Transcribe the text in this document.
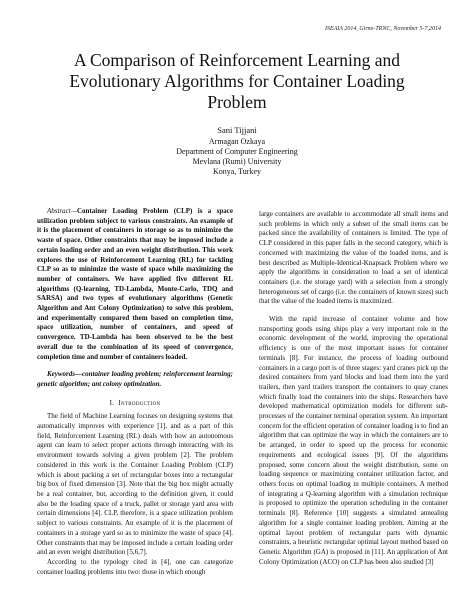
ISEAIA 2014, Girne-TRNC, November 5-7,2014
A Comparison of Reinforcement Learning and Evolutionary Algorithms for Container Loading Problem
Sani Tijjani
Armagan Ozkaya
Department of Computer Engineering
Mevlana (Rumi) University
Konya, Turkey

Abstract—Container Loading Problem (CLP) is a space utilization problem subject to various constraints. An example of it is the placement of containers in storage so as to minimize the waste of space. Other constraints that may be imposed include a certain loading order and an even weight distribution. This work explores the use of Reinforcement Learning (RL) for tackling CLP so as to minimize the waste of space while maximizing the number of containers. We have applied five different RL algorithms (Q-learning, TD-Lambda, Monte-Carlo, TDQ and SARSA) and two types of evolutionary algorithms (Genetic Algorithm and Ant Colony Optimization) to solve this problem, and experimentally compared them based on completion time, space utilization, number of containers, and speed of convergence. TD-Lambda has been observed to be the best overall due to the combination of its speed of convergence, completion time and number of containers loaded.

Keywords—container loading problem; reinforcement learning; genetic algorithm; ant colony optimization.

I. Introduction

The field of Machine Learning focuses on designing systems that automatically improves with experience [1], and as a part of this field, Reinforcement Learning (RL) deals with how an autonomous agent can learn to select proper actions through interacting with its environment towards solving a given problem [2]. The problem considered in this work is the Container Loading Problem (CLP) which is about packing a set of rectangular boxes into a rectangular big box of fixed dimension [3]. Note that the big box might actually be a real container, but, according to the definition given, it could also be the loading space of a truck, pallet or storage yard area with certain dimensions [4]. CLP, therefore, is a space utilization problem subject to various constraints. An example of it is the placement of containers in a storage yard so as to minimize the waste of space [4]. Other constraints that may be imposed include a certain loading order and an even weight distribution [5,6,7].

According to the typology cited in [4], one can categorize container loading problems into two: those in which enough

large containers are available to accommodate all small items and such problems in which only a subset of the small items can be packed since the availability of containers is limited. The type of CLP considered in this paper falls in the second category, which is concerned with maximizing the value of the loaded items, and is best described as Multiple-Identical-Knapsack Problem where we apply the algorithms in consideration to load a set of identical containers (i.e. the storage yard) with a selection from a strongly heterogeneous set of cargo (i.e. the containers of known sizes) such that the value of the loaded items is maximized.

With the rapid increase of container volume and how transporting goods using ships play a very important role in the economic development of the world, improving the operational efficiency is one of the most important issues for container terminals [8]. For instance, the process of loading outbound containers in a cargo port is of three stages: yard cranes pick up the desired containers from yard blocks and load them into the yard trailers, then yard trailers transport the containers to quay cranes which finally load the containers into the ships. Researchers have developed mathematical optimization models for different sub-processes of the container terminal operation system. An important concern for the efficient operation of container loading is to find an algorithm that can optimize the way in which the containers are to be arranged, in order to speed up the process for economic requirements and ecological issues [9]. Of the algorithms proposed, some concern about the weight distribution, some on loading sequence or maximizing container utilization factor, and others focus on optimal loading in multiple containers. A method of integrating a Q-learning algorithm with a simulation technique is proposed to optimize the operation scheduling in the container terminals [8]. Reference [10] suggests a simulated annealing algorithm for a single container loading problem. Aiming at the optimal layout problem of rectangular parts with dynamic constraints, a heuristic rectangular optimal layout method based on Genetic Algorithm (GA) is proposed in [11]. An application of Ant Colony Optimization (ACO) on CLP has been also studied [3]
